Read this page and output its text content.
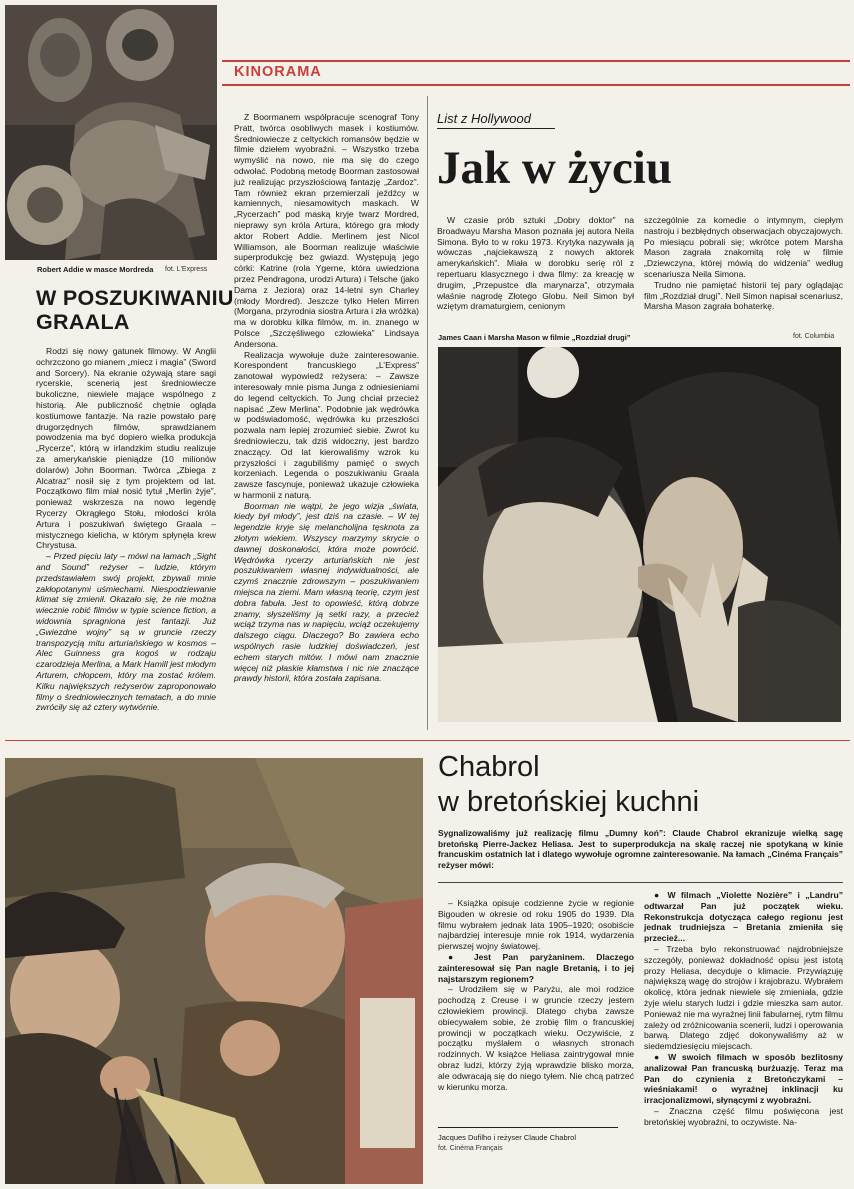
Robert Addie w masce Mordreda fot. L'Express
KINORAMA
W POSZUKIWANIU
GRAALA

Rodzi się nowy gatunek filmowy. W Anglii ochrzczono go mianem „miecz i magia” (Sword and Sorcery). Na ekranie ożywają stare sagi rycerskie, scenerią jest średniowiecze bukoliczne, niewiele mające wspólnego z historią. Ale publiczność chętnie ogląda kostiumowe fantazje. Na razie powstało parę drugorzędnych filmów, sprawdzianem powodzenia ma być dopiero wielka produkcja „Rycerze”, którą w irlandzkim studiu realizuje za amerykańskie pieniądze (10 milionów dolarów) John Boorman. Twórca „Zbiega z Alcatraz” nosił się z tym projektem od lat. Początkowo film miał nosić tytuł „Merlin żyje”, ponieważ wskrzesza na nowo legendę Rycerzy Okrągłego Stołu, młodości króla Artura i poszukiwań świętego Graala – mistycznego kielicha, w którym spłynęła krew Chrystusa.

– Przed pięciu laty – mówi na łamach „Sight and Sound” reżyser – ludzie, którym przedstawiałem swój projekt, zbywali mnie zakłopotanymi uśmiechami. Niespodziewanie klimat się zmienił. Okazało się, że nie można wiecznie robić filmów w typie science fiction, a widownia spragniona jest fantazji. Już „Gwiezdne wojny” są w gruncie rzeczy transpozycją mitu arturiańskiego w kosmos – Alec Guinness gra kogoś w rodzaju czarodzieja Merlina, a Mark Hamill jest młodym Arturem, chłopcem, który ma zostać królem. Kilku największych reżyserów zaproponowało filmy o średniowiecznych tematach, a do mnie zwróciły się aż cztery wytwórnie.

Z Boormanem współpracuje scenograf Tony Pratt, twórca osobliwych masek i kostiumów. Średniowiecze z celtyckich romansów będzie w filmie dziełem wyobraźni. – Wszystko trzeba wymyślić na nowo, nie ma się do czego odwołać. Podobną metodę Boorman zastosował już realizując przyszłościową fantazję „Zardoz”. Tam również ekran przemierzali jeźdźcy w kamiennych, niesamowitych maskach. W „Rycerzach” pod maską kryje twarz Mordred, nieprawy syn króla Artura, którego gra młody aktor Robert Addie. Merlinem jest Nicol Williamson, ale Boorman realizuje właściwie superprodukcję bez gwiazd. Występują jego córki: Katrine (rola Ygerne, która uwiedziona przez Pendragona, urodzi Artura) i Telsche (jako Dama z Jeziora) oraz 14-letni syn Charley (młody Mordred). Jeszcze tylko Helen Mirren (Morgana, przyrodnia siostra Artura i zła wróżka) ma w dorobku kilka filmów, m. in. znanego w Polsce „Szczęśliwego człowieka” Lindsaya Andersona.

Realizacja wywołuje duże zainteresowanie. Korespondent francuskiego „L’Express” zanotował wypowiedź reżysera: – Zawsze interesowały mnie pisma Junga z odniesieniami do legend celtyckich. To Jung chciał przecież napisać „Zew Merlina”. Podobnie jak wędrówka w podświadomość, wędrówka ku przeszłości pozwala nam lepiej zrozumieć siebie. Zwrot ku średniowieczu, tak dziś widoczny, jest bardzo znaczący. Od lat kierowaliśmy wzrok ku przyszłości i zagubiliśmy pamięć o swych korzeniach. Legenda o poszukiwaniu Graala zawsze fascynuje, ponieważ ukazuje człowieka w harmonii z naturą.

Boorman nie wątpi, że jego wizja „świata, kiedy był młody”, jest dziś na czasie. – W tej legendzie kryje się melancholijna tęsknota za złotym wiekiem. Wszyscy marzymy skrycie o dawnej doskonałości, która może powrócić. Wędrówka rycerzy arturiańskich nie jest poszukiwaniem własnej indywidualności, ale czymś znacznie zdrowszym – poszukiwaniem miejsca na ziemi. Mam własną teorię, czym jest dobra fabuła. Jest to opowieść, którą dobrze znamy, słyszeliśmy ją setki razy, a przecież wciąż trzyma nas w napięciu, wciąż oczekujemy dalszego ciągu. Dlaczego? Bo zawiera echo wspólnych rasie ludzkiej doświadczeń, jest echem starych mitów. I mówi nam znacznie więcej niż płaskie kłamstwa i nic nie znaczące prawdy historii, która została zapisana.

List z Hollywood
Jak w życiu

W czasie prób sztuki „Dobry doktor” na Broadwayu Marsha Mason poznała jej autora Neila Simona. Było to w roku 1973. Krytyka nazywała ją wówczas „najciekawszą z nowych aktorek amerykańskich”. Miała w dorobku serię ról z repertuaru klasycznego i dwa filmy: za kreację w drugim, „Przepustce dla marynarza”, otrzymała właśnie nagrodę Złotego Globu. Neil Simon był wziętym dramaturgiem, cenionym

szczególnie za komedie o intymnym, ciepłym nastroju i bezbłędnych obserwacjach obyczajowych. Po miesiącu pobrali się; wkrótce potem Marsha Mason zagrała znakomitą rolę w filmie „Dziewczyna, której mówią do widzenia” według scenariusza Neila Simona.

Trudno nie pamiętać historii tej pary oglądając film „Rozdział drugi”. Neil Simon napisał scenariusz, Marsha Mason zagrała bohaterkę.

James Caan i Marsha Mason w filmie „Rozdział drugi”	fot. Columbia
Chabrol
w bretońskiej kuchni
Sygnalizowaliśmy już realizację filmu „Dumny koń”: Claude Chabrol ekranizuje wielką sagę bretońską Pierre-Jackez Heliasa. Jest to superprodukcja na skalę raczej nie spotykaną w kinie francuskim ostatnich lat i dlatego wywołuje ogromne zainteresowanie. Na łamach „Cinéma Français” reżyser mówi:

– Książka opisuje codzienne życie w regionie Bigouden w okresie od roku 1905 do 1939. Dla filmu wybrałem jednak lata 1905–1920; osobiście najbardziej interesuje mnie rok 1914, wydarzenia pierwszej wojny światowej.

● Jest Pan paryżaninem. Dlaczego zainteresował się Pan nagle Bretanią, i to jej najstarszym regionem?

– Urodziłem się w Paryżu, ale moi rodzice pochodzą z Creuse i w gruncie rzeczy jestem człowiekiem prowincji. Dlatego chyba zawsze obiecywałem sobie, że zrobię film o francuskiej prowincji w początkach wieku. Oczywiście, z początku myślałem o własnych stronach rodzinnych. W książce Heliasa zaintrygował mnie obraz ludzi, którzy żyją wprawdzie blisko morza, ale odwracają się do niego tyłem. Nie chcą patrzeć w kierunku morza.

Jacques Dufilho i reżyser Claude Chabrol
fot. Cinéma Français

● W filmach „Violette Nozière” i „Landru” odtwarzał Pan już początek wieku. Rekonstrukcja dotycząca całego regionu jest jednak trudniejsza – Bretania zmieniła się przecież...

– Trzeba było rekonstruować najdrobniejsze szczegóły, ponieważ dokładność opisu jest istotą prozy Heliasa, decyduje o klimacie. Przywiązuję największą wagę do strojów i krajobrazu. Wybrałem okolicę, która jednak niewiele się zmieniała, gdzie żyje wielu starych ludzi i gdzie mieszka sam autor. Ponieważ nie ma wyraźnej linii fabularnej, rytm filmu zależy od zróżnicowania scenerii, ludzi i operowania barwą. Dlatego zdjęć dokonywaliśmy aż w siedemdziesięciu miejscach.

● W swoich filmach w sposób bezlitosny analizował Pan francuską burżuazję. Teraz ma Pan do czynienia z Bretończykami – wieśniakami! o wyraźnej inklinacji ku irracjonalizmowi, słynącymi z wyobraźni.

– Znaczna część filmu poświęcona jest bretońskiej wyobraźni, to oczywiste. Na-
